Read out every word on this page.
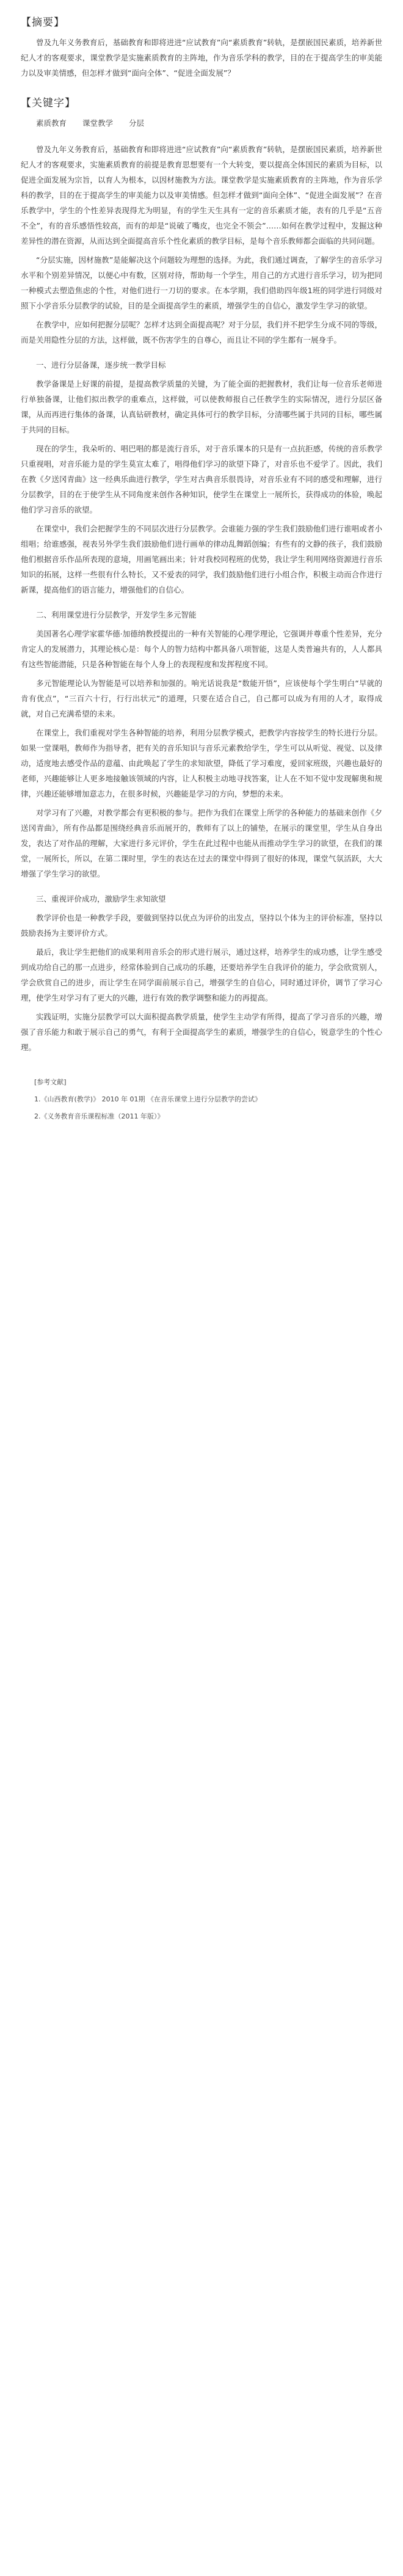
【摘要】

曾及九年义务教育后，基础教育和即将进进“应试教育”向“素质教育”转轨，是摆嵌国民素质，培养新世纪人才的客观要求，课堂教学是实施素质教育的主阵地，作为音乐学科的教学，目的在于提高学生的审美能力以及审美情感，但怎样才做到“面向全体”、“促进全面发展”？

【关键字】

素质教育 课堂教学 分层

曾及九年义务教育后，基础教育和即将进进“应试教育”向“素质教育”转轨，是摆嵌国民素质，培养新世纪人才的客观要求，实施素质教育的前提是教育思想要有一个大转变，要以提高全体国民的素质为目标，以促进全面发展为宗旨，以育人为根本，以因材施教为方法。课堂教学是实施素质教育的主阵地，作为音乐学科的教学，目的在于提高学生的审美能力以及审美情感。但怎样才做到“面向全体”、“促进全面发展”？在音乐教学中，学生的个性差异表现得尤为明显，有的学生天生具有一定的音乐素质才能，表有的几乎是“五音不全”，有的音乐感悟性较高，而有的却是“说破了嘴皮，也完全不领会”……如何在教学过程中，发掘这种差异性的潜在资源，从而达到全面提高音乐个性化素质的教学目标，是每个音乐教师都会面临的共同问题。

“分层实施，因材施教”是能解决这个问题较为理想的选择。为此，我们通过调查，了解学生的音乐学习水平和个别差异情况，以便心中有数，区别对待，帮助每一个学生，用自己的方式进行音乐学习，切为把同一种模式去塑造焦虑的个性，对他们进行一刀切的要求。在本学期，我们借助四年级1班的同学进行同级对照下小学音乐分层教学的试验，目的是全面提高学生的素质，增强学生的自信心，激发学生学习的欲望。

在教学中，应如何把握分层呢？怎样才达到全面提高呢？对于分层，我们并不把学生分成不同的等级，而是关用隐性分层的方法，这样做，既不伤害学生的自尊心，而且让不同的学生都有一展身手。

一、进行分层备课，逐步统一教学目标

教学备课是上好课的前提，是提高教学质量的关键，为了能全面的把握教材，我们让每一位音乐老师进行单独备课，让他们拟出教学的重难点，这样做，可以使教师报自己任教学生的实际情况，进行分层区备课，从而再进行集体的备课，认真钻研教材，确定具体可行的教学目标，分清哪些属于共同的目标，哪些属于共同的目标。

现在的学生，我朵听的、唱巴唱的都是流行音乐，对于音乐课本的只是有一点抗拒感，传统的音乐教学只重视唱，对音乐能力是的学生莫宣太难了，唱得他们学习的欲望下降了，对音乐也不爱学了。因此，我们在教《夕送冈青曲》这一经典乐曲进行教学，学生对古典音乐很畏诗，对音乐业有不同的感受和理解，进行分层教学，目的在于使学生从不同角度来创作各种知识，使学生在课堂上一展所长，获得成功的体验，唤起他们学习音乐的欲望。

在课堂中，我们会把握学生的不同层次进行分层教学。会谁能力强的学生我们鼓励他们进行谁唱或者小组唱；给谁感强，视表另外学生我们鼓励他们进行画单的律动乱舞蹈创编；有些有的文静的孩子，我们鼓励他们根据音乐作品所表现的意境，用画笔画出来；针对我校同程班的优势，我让学生利用网络资源进行音乐知识的拓展，这样一些很有什么特长，又不爱表的同学，我们鼓励他们进行小组合作，积极主动而合作进行新课，提高他们的语言能力，增强他们的自信心。

二、利用课堂进行分层教学，开发学生多元智能

美国著名心理学家霍华德·加德纳教授提出的一种有关智能的心理学理论，它强调并尊重个性差异，充分肯定人的发展潜力，其理论核心是：每个人的智力结构中都具备八项智能，这是人类普遍共有的，人人都具有这些智能潜能，只是各种智能在每个人身上的表现程度和发挥程度不同。

多元智能理论认为智能是可以培养和加强的。响光话说我是“数能开悟”，应该使每个学生明白“早就的肯有优点”，“三百六十行，行行出状元”的道理，只要在适合自己，自己都可以成为有用的人才，取得成就，对自己充满希望的未来。

在课堂上，我们重视对学生各种智能的培养，利用分层教学模式，把教学内容按学生的特长进行分层。如果一堂课唱，教师作为指导者，把有关的音乐知识与音乐元素教给学生，学生可以从听觉、视觉、以及律动，适度地去感受作品的意蕴、由此唤起了学生的求知欲望，降低了学习难度，爱回家班级，兴趣也最好的老师，兴趣能够让人更多地接触该领域的内容，让人积极主动地寻找答案，让人在不知不觉中发现解奥和规律，兴趣还能够增加意志力，在很多时候，兴趣能是学习的方向，梦想的未来。

对学习有了兴趣，对教学都会有更积极的参与。把作为我们在课堂上所学的各种能力的基础来创作《夕送冈青曲》，所有作品都是围绕经典音乐而展开的，教师有了以上的铺垫，在展示的课堂里，学生从自身出发，表达了对作品的理解，大家进行多元评价，学生在此过程中也能从而推动学生学习的欲望，在我们的课堂，一展所长，所以，在第二课时里，学生的表达在过去的课堂中得到了很好的体现，课堂气氛活跃，大大增强了学生学习的欲望。

三、重视评价成功，激励学生求知欲望

教学评价也是一种教学手段，要做到坚持以优点为评价的出发点，坚持以个体为主的评价标准，坚持以鼓励表扬为主要评价方式。

最后，我让学生把他们的成果利用音乐会的形式进行展示，通过这样，培养学生的成功感，让学生感受到成功给自己的那一点进步，经常体验到自己成功的乐趣，还要培养学生自我评价的能力，学会欣赏别人，学会欣赏自己的进步，而让学生在同学面前展示自己，增强学生的自信心，同时通过评价，调节了学习心理，使学生对学习有了更大的兴趣，进行有效的教学调整和能力的再提高。

实践证明，实施分层教学可以大面积提高教学质量，使学生主动学有所得，提高了学习音乐的兴趣，增强了音乐能力和敢于展示自己的勇气，有利于全面提高学生的素质，增强学生的自信心，锐意学生的个性心理。

[参考文献]
1.《山西教育(教学)》 2010 年 01期 《在音乐课堂上进行分层教学的尝试》
2.《义务教育音乐课程标准（2011 年版）》
